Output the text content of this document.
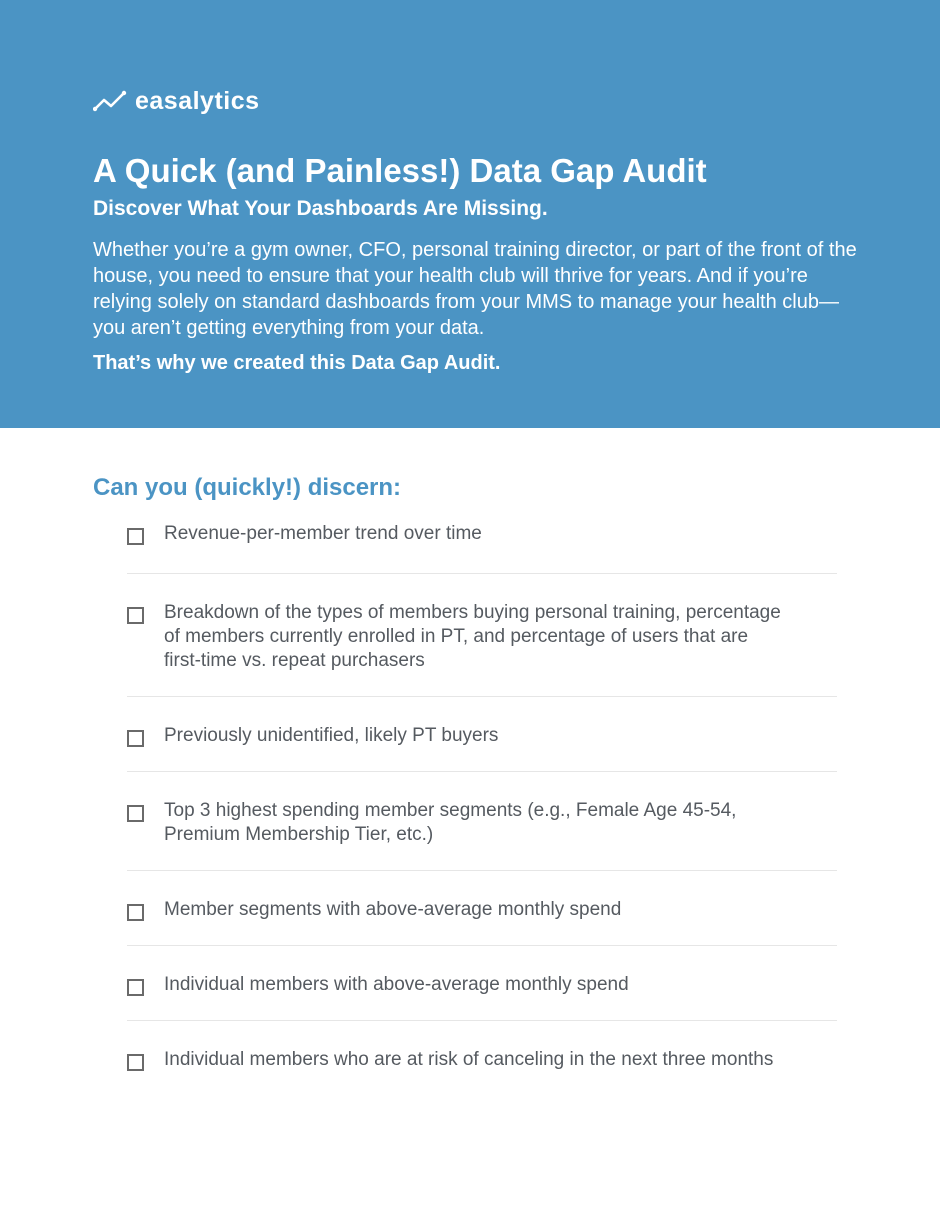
easalytics
A Quick (and Painless!) Data Gap Audit
Discover What Your Dashboards Are Missing.

Whether you’re a gym owner, CFO, personal training director, or part of the front of the house, you need to ensure that your health club will thrive for years. And if you’re relying solely on standard dashboards from your MMS to manage your health club—you aren’t getting everything from your data.

That’s why we created this Data Gap Audit.

Can you (quickly!) discern:
Revenue-per-member trend over time
Breakdown of the types of members buying personal training, percentage of members currently enrolled in PT, and percentage of users that are first-time vs. repeat purchasers
Previously unidentified, likely PT buyers
Top 3 highest spending member segments (e.g., Female Age 45-54, Premium Membership Tier, etc.)
Member segments with above-average monthly spend
Individual members with above-average monthly spend
Individual members who are at risk of canceling in the next three months
